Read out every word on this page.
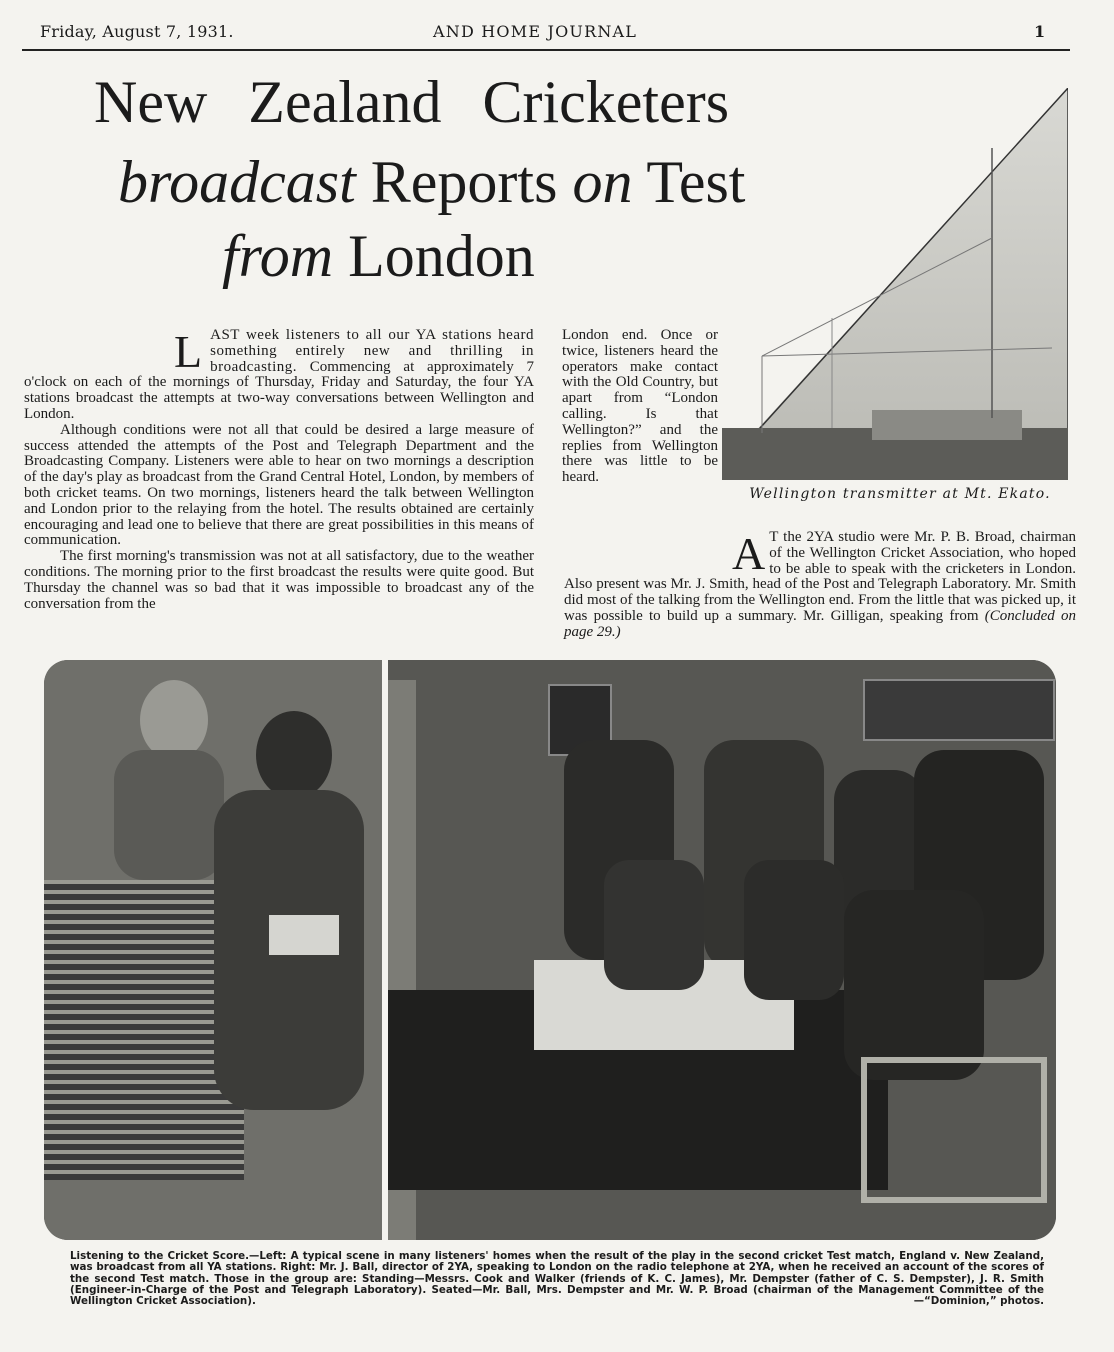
Friday, August 7, 1931.	AND HOME JOURNAL	1
New Zealand Cricketers
broadcast Reports on Test
from London
Wellington transmitter at Mt. Ekato.

LAST week listeners to all our YA stations heard something entirely new and thrilling in broadcasting. Commencing at approximately 7 o'clock on each of the mornings of Thursday, Friday and Saturday, the four YA stations broadcast the attempts at two-way conversations between Wellington and London.

Although conditions were not all that could be desired a large measure of success attended the attempts of the Post and Telegraph Department and the Broadcasting Company. Listeners were able to hear on two mornings a description of the day's play as broadcast from the Grand Central Hotel, London, by members of both cricket teams. On two mornings, listeners heard the talk between Wellington and London prior to the relaying from the hotel. The results obtained are certainly encouraging and lead one to believe that there are great possibilities in this means of communication.

The first morning's transmission was not at all satisfactory, due to the weather conditions. The morning prior to the first broadcast the results were quite good. But Thursday the channel was so bad that it was impossible to broadcast any of the conversation from the

London end. Once or twice, listeners heard the operators make contact with the Old Country, but apart from “London calling. Is that Wellington?” and the replies from Wellington there was little to be heard.
A T the 2YA studio were Mr. P. B. Broad, chairman of the Wellington Cricket Association, who hoped to be able to speak with the cricketers in London. Also present was Mr. J. Smith, head of the Post and Telegraph Laboratory. Mr. Smith did most of the talking from the Wellington end. From the little that was picked up, it was possible to build up a summary. Mr. Gilligan, speaking from (Concluded on page 29.)
Listening to the Cricket Score.—Left: A typical scene in many listeners' homes when the result of the play in the second cricket Test match, England v. New Zealand, was broadcast from all YA stations. Right: Mr. J. Ball, director of 2YA, speaking to London on the radio telephone at 2YA, when he received an account of the scores of the second Test match. Those in the group are: Standing—Messrs. Cook and Walker (friends of K. C. James), Mr. Dempster (father of C. S. Dempster), J. R. Smith (Engineer-in-Charge of the Post and Telegraph Laboratory). Seated—Mr. Ball, Mrs. Dempster and Mr. W. P. Broad (chairman of the Management Committee of the Wellington Cricket Association).	—“Dominion,” photos.
